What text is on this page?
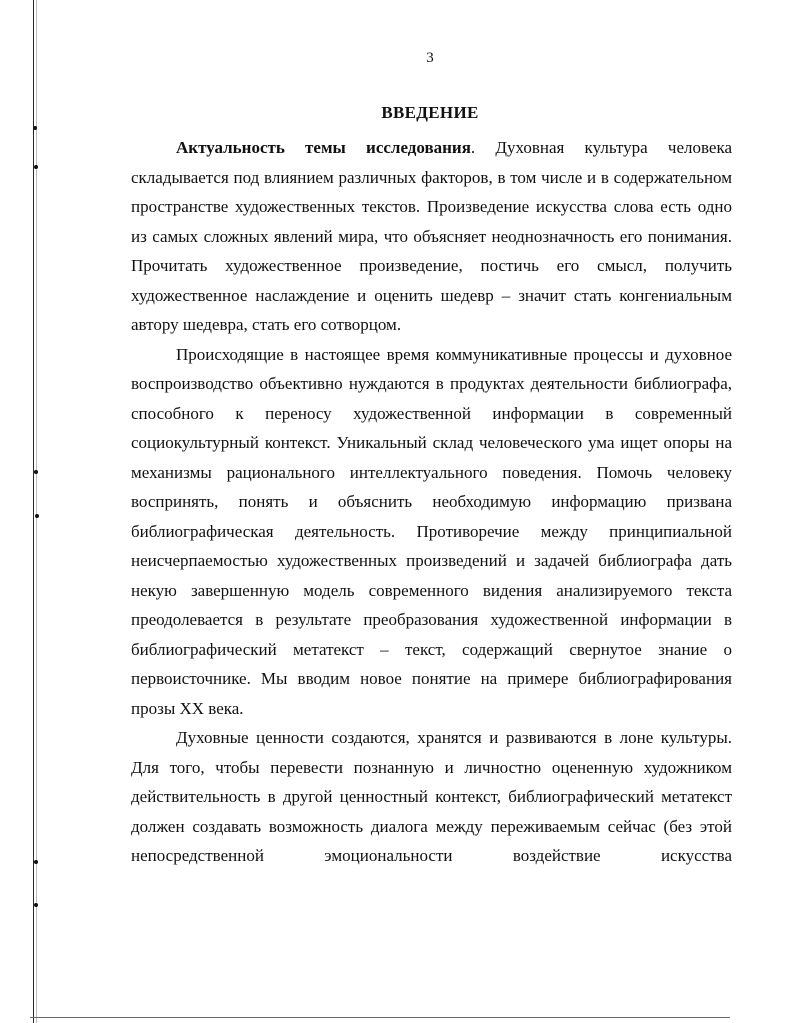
3
ВВЕДЕНИЕ

Актуальность темы исследования. Духовная культура человека складывается под влиянием различных факторов, в том числе и в содержательном пространстве художественных текстов. Произведение искусства слова есть одно из самых сложных явлений мира, что объясняет неоднозначность его понимания. Прочитать художественное произведение, постичь его смысл, получить художественное наслаждение и оценить шедевр – значит стать конгениальным автору шедевра, стать его сотворцом.

Происходящие в настоящее время коммуникативные процессы и духовное воспроизводство объективно нуждаются в продуктах деятельности библиографа, способного к переносу художественной информации в современный социокультурный контекст. Уникальный склад человеческого ума ищет опоры на механизмы рационального интеллектуального поведения. Помочь человеку воспринять, понять и объяснить необходимую информацию призвана библиографическая деятельность. Противоречие между принципиальной неисчерпаемостью художественных произведений и задачей библиографа дать некую завершенную модель современного видения анализируемого текста преодолевается в результате преобразования художественной информации в библиографический метатекст – текст, содержащий свернутое знание о первоисточнике. Мы вводим новое понятие на примере библиографирования прозы XX века.

Духовные ценности создаются, хранятся и развиваются в лоне культуры. Для того, чтобы перевести познанную и личностно оцененную художником действительность в другой ценностный контекст, библиографический метатекст должен создавать возможность диалога между переживаемым сейчас (без этой непосредственной эмоциональности воздействие искусства
